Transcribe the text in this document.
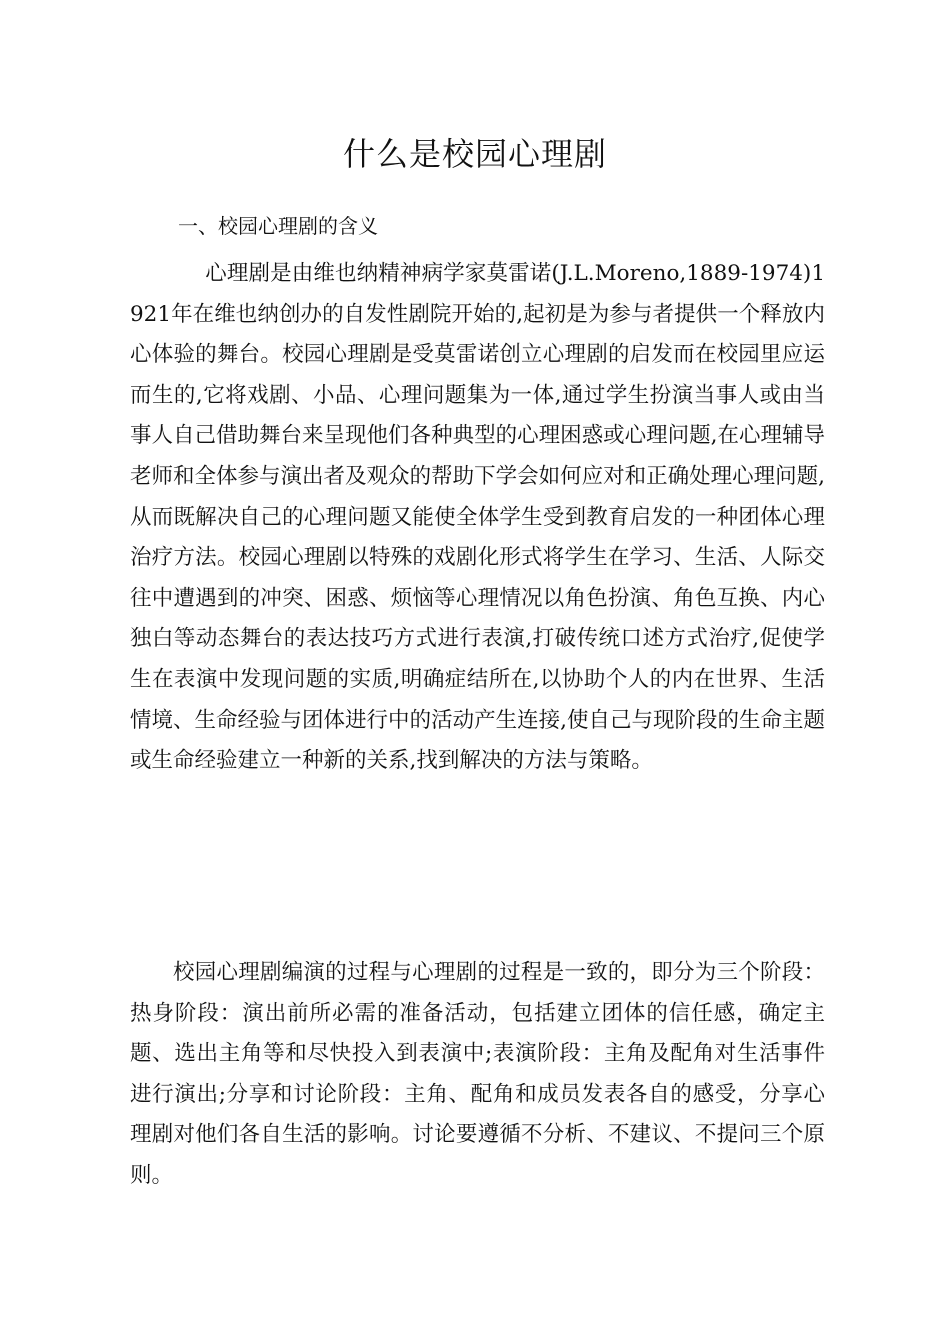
什么是校园心理剧
一、校园心理剧的含义

心理剧是由维也纳精神病学家莫雷诺(J.L.Moreno,1889-1974)1921年在维也纳创办的自发性剧院开始的,起初是为参与者提供一个释放内心体验的舞台。校园心理剧是受莫雷诺创立心理剧的启发而在校园里应运而生的,它将戏剧、小品、心理问题集为一体,通过学生扮演当事人或由当事人自己借助舞台来呈现他们各种典型的心理困惑或心理问题,在心理辅导老师和全体参与演出者及观众的帮助下学会如何应对和正确处理心理问题,从而既解决自己的心理问题又能使全体学生受到教育启发的一种团体心理治疗方法。校园心理剧以特殊的戏剧化形式将学生在学习、生活、人际交往中遭遇到的冲突、困惑、烦恼等心理情况以角色扮演、角色互换、内心独白等动态舞台的表达技巧方式进行表演,打破传统口述方式治疗,促使学生在表演中发现问题的实质,明确症结所在,以协助个人的内在世界、生活情境、生命经验与团体进行中的活动产生连接,使自己与现阶段的生命主题或生命经验建立一种新的关系,找到解决的方法与策略。

校园心理剧编演的过程与心理剧的过程是一致的，即分为三个阶段：热身阶段：演出前所必需的准备活动，包括建立团体的信任感，确定主题、选出主角等和尽快投入到表演中;表演阶段：主角及配角对生活事件进行演出;分享和讨论阶段：主角、配角和成员发表各自的感受，分享心理剧对他们各自生活的影响。讨论要遵循不分析、不建议、不提问三个原则。
